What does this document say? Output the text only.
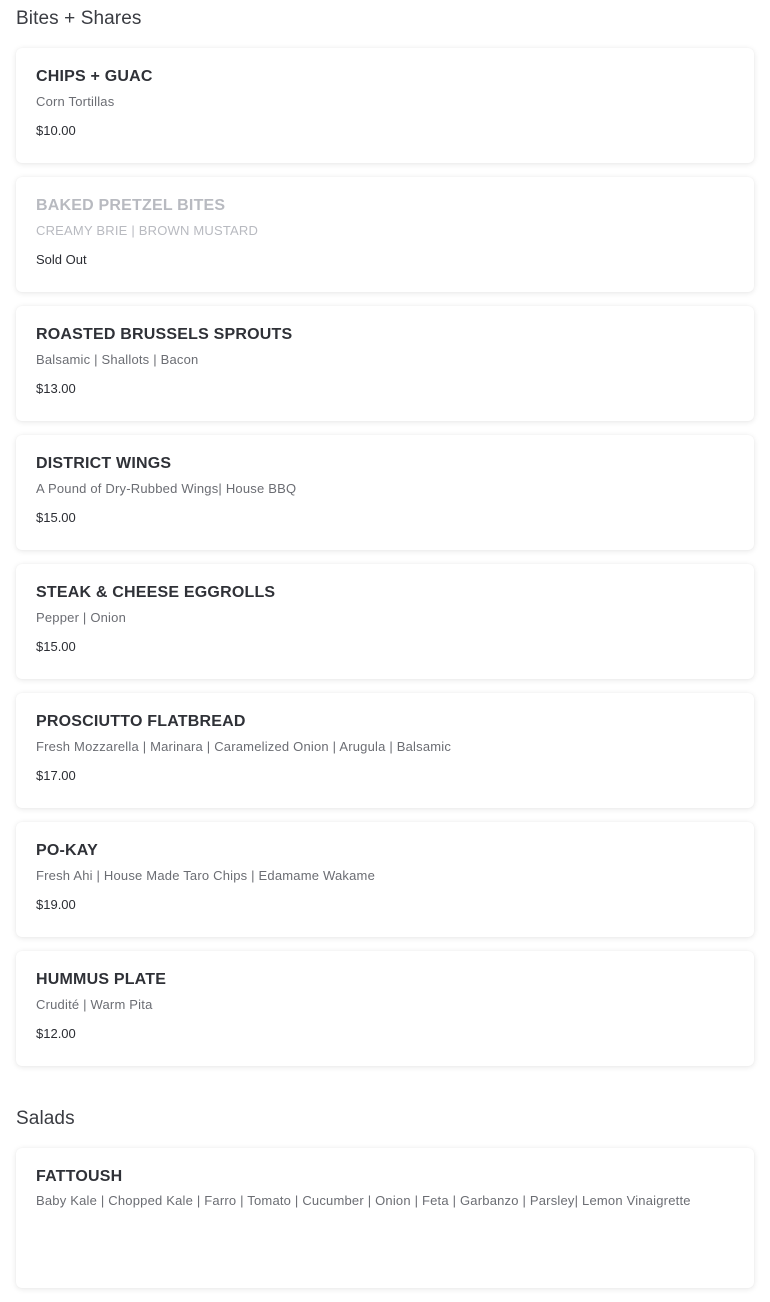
Bites + Shares
CHIPS + GUAC
Corn Tortillas
$10.00
BAKED PRETZEL BITES
CREAMY BRIE | BROWN MUSTARD
Sold Out
ROASTED BRUSSELS SPROUTS
Balsamic | Shallots | Bacon
$13.00
DISTRICT WINGS
A Pound of Dry-Rubbed Wings| House BBQ
$15.00
STEAK & CHEESE EGGROLLS
Pepper | Onion
$15.00
PROSCIUTTO FLATBREAD
Fresh Mozzarella | Marinara | Caramelized Onion | Arugula | Balsamic
$17.00
PO-KAY
Fresh Ahi | House Made Taro Chips | Edamame Wakame
$19.00
HUMMUS PLATE
Crudité | Warm Pita
$12.00
Salads
FATTOUSH
Baby Kale | Chopped Kale | Farro | Tomato | Cucumber | Onion | Feta | Garbanzo | Parsley| Lemon Vinaigrette
